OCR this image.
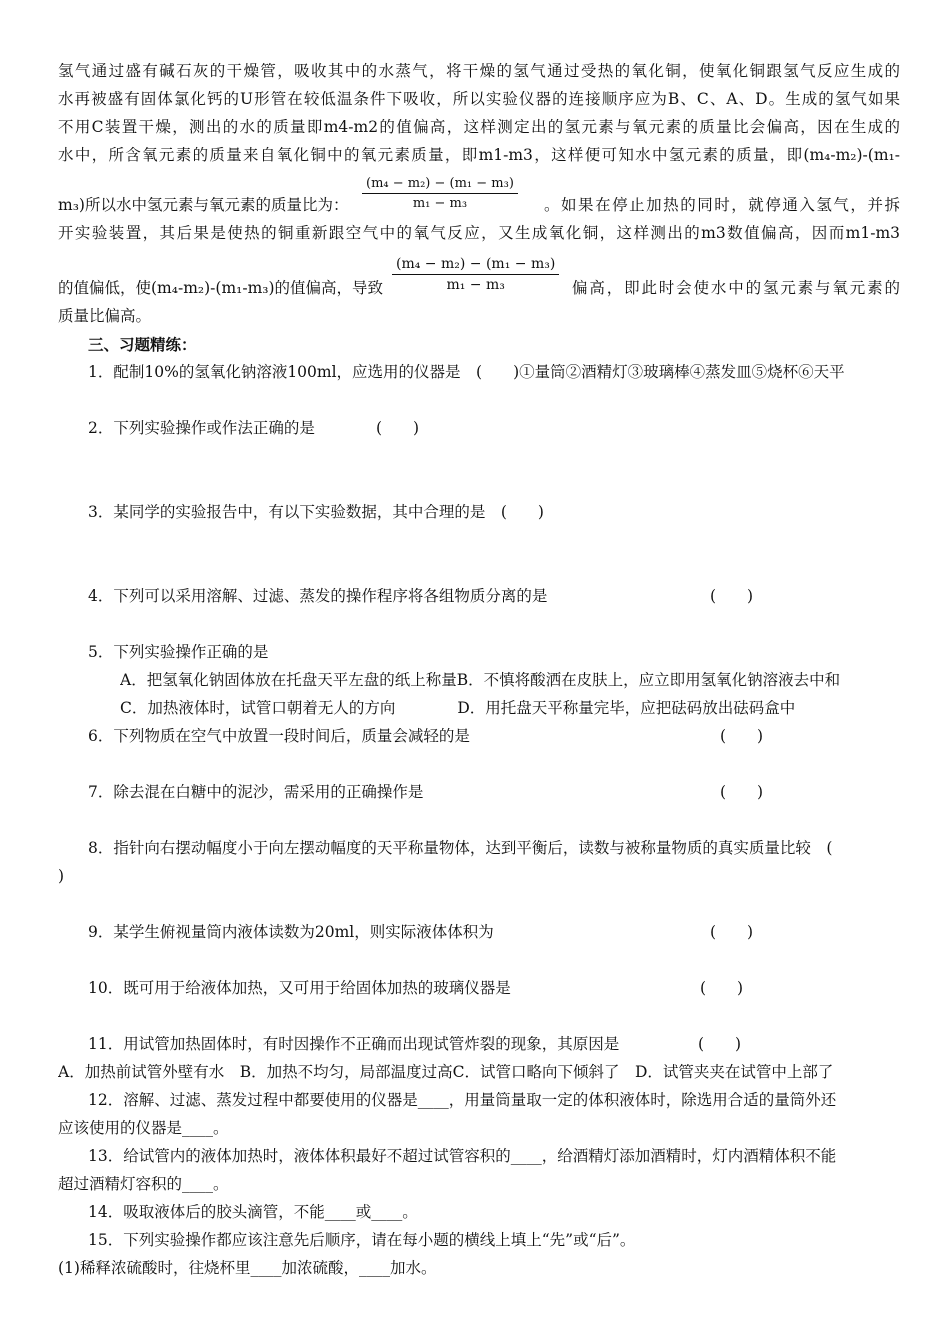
氢气通过盛有碱石灰的干燥管，吸收其中的水蒸气，将干燥的氢气通过受热的氧化铜，使氧化铜跟氢气反应生成的
水再被盛有固体氯化钙的U形管在较低温条件下吸收，所以实验仪器的连接顺序应为B、C、A、D。生成的氢气如果
不用C装置干燥，测出的水的质量即m4-m2的值偏高，这样测定出的氢元素与氧元素的质量比会偏高，因在生成的
水中，所含氧元素的质量来自氧化铜中的氧元素质量，即m1-m3，这样便可知水中氢元素的质量，即(m₄-m₂)-(m₁-
m₃)所以水中氢元素与氧元素的质量比为：	$\frac{\text{(m₄ − m₂) − (m₁ − m₃)}}{\text{m₁ − m₃}}$ 。如果在停止加热的同时，就停通入氢气，并拆
开实验装置，其后果是使热的铜重新跟空气中的氧气反应，又生成氧化铜，这样测出的m3数值偏高，因而m1-m3
的值偏低，使(m₄-m₂)-(m₁-m₃)的值偏高，导致 $\frac{\text{(m₄ − m₂) − (m₁ − m₃)}}{\text{m₁ − m₃}}$ 偏高，即此时会使水中的氢元素与氧元素的
质量比偏高。
三、习题精练：
1．配制10%的氢氧化钠溶液100ml，应选用的仪器是　(　　)①量筒②酒精灯③玻璃棒④蒸发皿⑤烧杯⑥天平
2．下列实验操作或作法正确的是	(　　)
3．某同学的实验报告中，有以下实验数据，其中合理的是　(　　)
4．下列可以采用溶解、过滤、蒸发的操作程序将各组物质分离的是	(　　)
5．下列实验操作正确的是
A．把氢氧化钠固体放在托盘天平左盘的纸上称量B．不慎将酸洒在皮肤上，应立即用氢氧化钠溶液去中和
C．加热液体时，试管口朝着无人的方向　　　　D．用托盘天平称量完毕，应把砝码放出砝码盒中
6．下列物质在空气中放置一段时间后，质量会减轻的是	(　　)
7．除去混在白糖中的泥沙，需采用的正确操作是	(　　)
8．指针向右摆动幅度小于向左摆动幅度的天平称量物体，达到平衡后，读数与被称量物质的真实质量比较　(
)
9．某学生俯视量筒内液体读数为20ml，则实际液体体积为	(　　)
10．既可用于给液体加热，又可用于给固体加热的玻璃仪器是	(　　)
11．用试管加热固体时，有时因操作不正确而出现试管炸裂的现象，其原因是	(　　)
A．加热前试管外壁有水　B．加热不均匀，局部温度过高C．试管口略向下倾斜了　D．试管夹夹在试管中上部了
12．溶解、过滤、蒸发过程中都要使用的仪器是____，用量筒量取一定的体积液体时，除选用合适的量筒外还
应该使用的仪器是____。
13．给试管内的液体加热时，液体体积最好不超过试管容积的____，给酒精灯添加酒精时，灯内酒精体积不能
超过酒精灯容积的____。
14．吸取液体后的胶头滴管，不能____或____。
15．下列实验操作都应该注意先后顺序，请在每小题的横线上填上“先”或“后”。
(1)稀释浓硫酸时，往烧杯里____加浓硫酸，____加水。
